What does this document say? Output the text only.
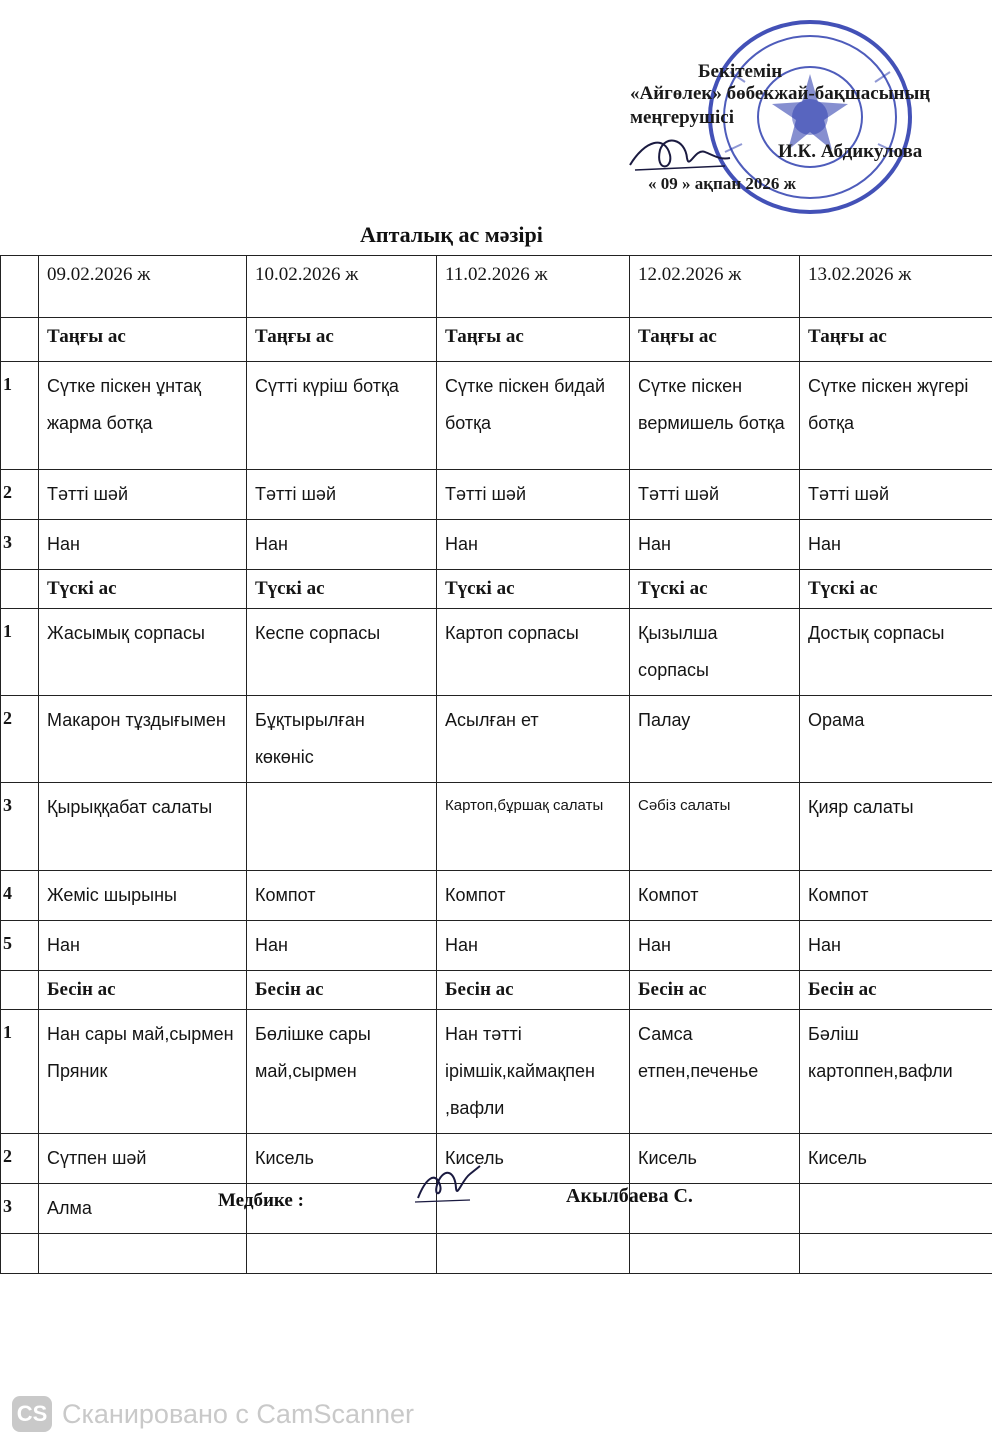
Бекітемін
«Айгөлек» бөбекжай-бақшасының
меңгерушісі
И.К. Абдикулова
« 09 » ақпан 2026 ж
Апталық ас мәзірі
	09.02.2026 ж	10.02.2026 ж	11.02.2026 ж	12.02.2026 ж	13.02.2026 ж
	Таңғы ас	Таңғы ас	Таңғы ас	Таңғы ас	Таңғы ас
1	Сүтке піскен ұнтақ жарма ботқа	Сүтті күріш ботқа	Сүтке піскен бидай ботқа	Сүтке піскен вермишель ботқа	Сүтке піскен жүгері ботқа
2	Тәтті шәй	Тәтті шәй	Тәтті шәй	Тәтті шәй	Тәтті шәй
3	Нан	Нан	Нан	Нан	Нан
	Түскі ас	Түскі ас	Түскі ас	Түскі ас	Түскі ас
1	Жасымық сорпасы	Кеспе сорпасы	Картоп сорпасы	Қызылша сорпасы	Достық сорпасы
2	Макарон тұздығымен	Бұқтырылған көкөніс	Асылған ет	Палау	Орама
3	Қырыққабат салаты		Картоп,бұршақ салаты	Сәбіз салаты	Қияр салаты
4	Жеміс шырыны	Компот	Компот	Компот	Компот
5	Нан	Нан	Нан	Нан	Нан
	Бесін ас	Бесін ас	Бесін ас	Бесін ас	Бесін ас
1	Нан сары май,сырмен Пряник	Бөлішке сары май,сырмен	Нан тәтті ірімшік,каймақпен ,вафли	Самса етпен,печенье	Бәліш картоппен,вафли
2	Сүтпен шәй	Кисель	Кисель	Кисель	Кисель
3	Алма				
						Медбике :	Акылбаева С.
CS Сканировано с CamScanner
